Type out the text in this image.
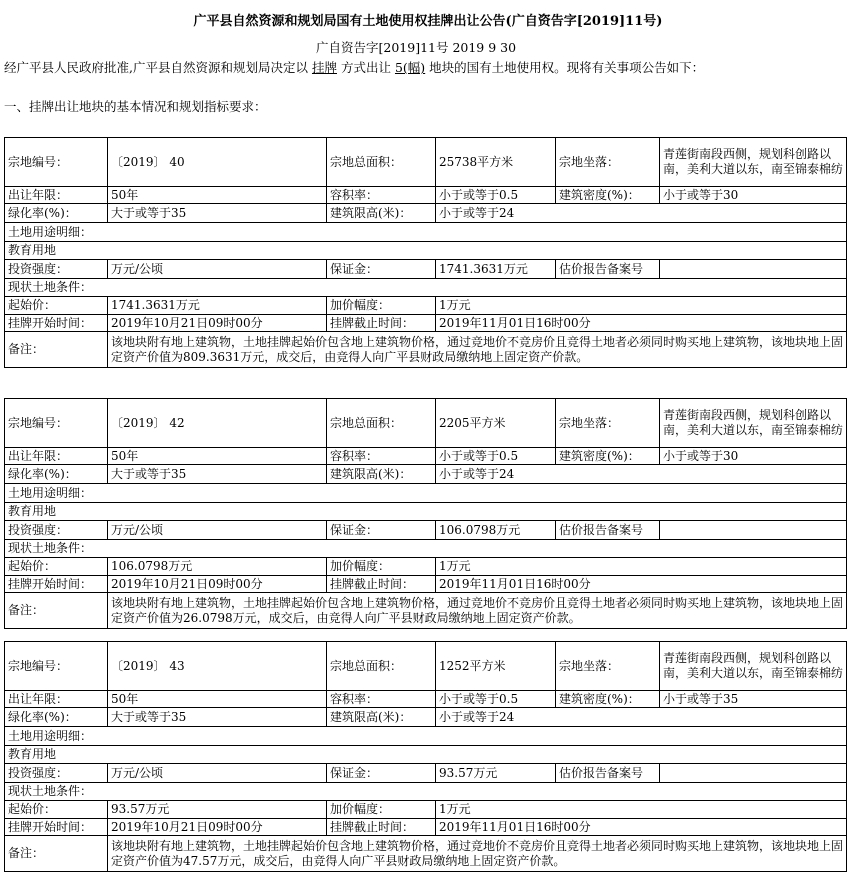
广平县自然资源和规划局国有土地使用权挂牌出让公告(广自资告字[2019]11号)
广自资告字[2019]11号 2019 9 30
经广平县人民政府批准,广平县自然资源和规划局决定以 挂牌 方式出让 5(幅) 地块的国有土地使用权。现将有关事项公告如下：
一、挂牌出让地块的基本情况和规划指标要求：
宗地编号：	〔2019〕 40	宗地总面积：	25738平方米	宗地坐落：	青莲街南段西侧，规划科创路以南，美利大道以东，南至锦泰棉纺
出让年限：	50年	容积率：	小于或等于0.5	建筑密度(%)：	小于或等于30
绿化率(%)：	大于或等于35	建筑限高(米)：	小于或等于24		
土地用途明细：					
教育用地					
投资强度：	万元/公顷	保证金：	1741.3631万元	估价报告备案号	
现状土地条件：					
起始价：	1741.3631万元	加价幅度：	1万元		
挂牌开始时间：	2019年10月21日09时00分	挂牌截止时间：	2019年11月01日16时00分		
备注：	该地块附有地上建筑物，土地挂牌起始价包含地上建筑物价格，通过竞地价不竞房价且竞得土地者必须同时购买地上建筑物，该地块地上固定资产价值为809.3631万元，成交后，由竞得人向广平县财政局缴纳地上固定资产价款。				
宗地编号：	〔2019〕 42	宗地总面积：	2205平方米	宗地坐落：	青莲街南段西侧，规划科创路以南，美利大道以东，南至锦泰棉纺
出让年限：	50年	容积率：	小于或等于0.5	建筑密度(%)：	小于或等于30
绿化率(%)：	大于或等于35	建筑限高(米)：	小于或等于24		
土地用途明细：					
教育用地					
投资强度：	万元/公顷	保证金：	106.0798万元	估价报告备案号	
现状土地条件：					
起始价：	106.0798万元	加价幅度：	1万元		
挂牌开始时间：	2019年10月21日09时00分	挂牌截止时间：	2019年11月01日16时00分		
备注：	该地块附有地上建筑物，土地挂牌起始价包含地上建筑物价格，通过竞地价不竞房价且竞得土地者必须同时购买地上建筑物，该地块地上固定资产价值为26.0798万元，成交后，由竞得人向广平县财政局缴纳地上固定资产价款。				
宗地编号：	〔2019〕 43	宗地总面积：	1252平方米	宗地坐落：	青莲街南段西侧，规划科创路以南，美利大道以东，南至锦泰棉纺
出让年限：	50年	容积率：	小于或等于0.5	建筑密度(%)：	小于或等于35
绿化率(%)：	大于或等于35	建筑限高(米)：	小于或等于24		
土地用途明细：					
教育用地					
投资强度：	万元/公顷	保证金：	93.57万元	估价报告备案号	
现状土地条件：					
起始价：	93.57万元	加价幅度：	1万元		
挂牌开始时间：	2019年10月21日09时00分	挂牌截止时间：	2019年11月01日16时00分		
备注：	该地块附有地上建筑物，土地挂牌起始价包含地上建筑物价格，通过竞地价不竞房价且竞得土地者必须同时购买地上建筑物，该地块地上固定资产价值为47.57万元，成交后，由竞得人向广平县财政局缴纳地上固定资产价款。				
